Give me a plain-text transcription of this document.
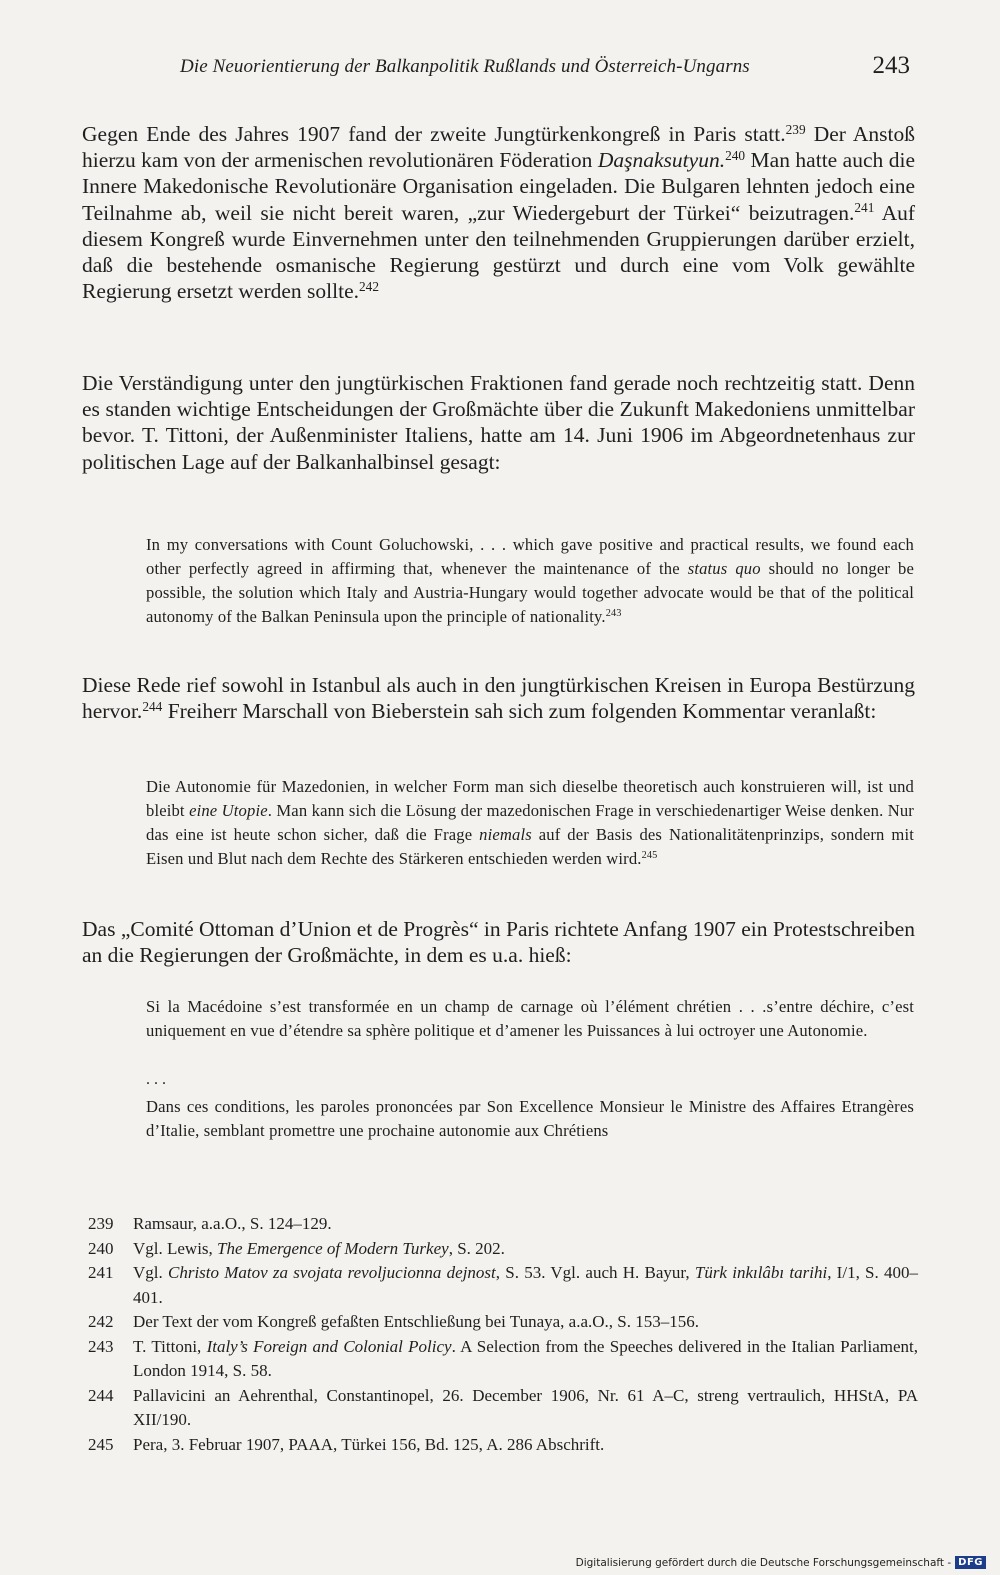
Die Neuorientierung der Balkanpolitik Rußlands und Österreich-Ungarns	243

Gegen Ende des Jahres 1907 fand der zweite Jungtürkenkongreß in Paris statt.$^{239}$ Der Anstoß hierzu kam von der armenischen revolutionären Föderation Daşnaksutyun.$^{240}$ Man hatte auch die Innere Makedonische Revolutionäre Organisation eingeladen. Die Bulgaren lehnten jedoch eine Teilnahme ab, weil sie nicht bereit waren, „zur Wiedergeburt der Türkei“ beizutragen.$^{241}$ Auf diesem Kongreß wurde Einvernehmen unter den teilnehmenden Gruppierungen darüber erzielt, daß die bestehende osmanische Regierung gestürzt und durch eine vom Volk gewählte Regierung ersetzt werden sollte.$^{242}$

Die Verständigung unter den jungtürkischen Fraktionen fand gerade noch rechtzeitig statt. Denn es standen wichtige Entscheidungen der Großmächte über die Zukunft Makedoniens unmittelbar bevor. T. Tittoni, der Außenminister Italiens, hatte am 14. Juni 1906 im Abgeordnetenhaus zur politischen Lage auf der Balkanhalbinsel gesagt:

In my conversations with Count Goluchowski, . . . which gave positive and practical results, we found each other perfectly agreed in affirming that, whenever the maintenance of the status quo should no longer be possible, the solution which Italy and Austria-Hungary would together advocate would be that of the political autonomy of the Balkan Peninsula upon the principle of nationality.$^{243}$

Diese Rede rief sowohl in Istanbul als auch in den jungtürkischen Kreisen in Europa Bestürzung hervor.$^{244}$ Freiherr Marschall von Bieberstein sah sich zum folgenden Kommentar veranlaßt:

Die Autonomie für Mazedonien, in welcher Form man sich dieselbe theoretisch auch konstruieren will, ist und bleibt eine Utopie. Man kann sich die Lösung der mazedonischen Frage in verschiedenartiger Weise denken. Nur das eine ist heute schon sicher, daß die Frage niemals auf der Basis des Nationalitätenprinzips, sondern mit Eisen und Blut nach dem Rechte des Stärkeren entschieden werden wird.$^{245}$

Das „Comité Ottoman d’Union et de Progrès“ in Paris richtete Anfang 1907 ein Protestschreiben an die Regierungen der Großmächte, in dem es u.a. hieß:

Si la Macédoine s’est transformée en un champ de carnage où l’élément chrétien . . .s’entre déchire, c’est uniquement en vue d’étendre sa sphère politique et d’amener les Puissances à lui octroyer une Autonomie.

. . .

Dans ces conditions, les paroles prononcées par Son Excellence Monsieur le Ministre des Affaires Etrangères d’Italie, semblant promettre une prochaine autonomie aux Chrétiens

239 Ramsaur, a.a.O., S. 124–129.
240 Vgl. Lewis, The Emergence of Modern Turkey, S. 202.
241 Vgl. Christo Matov za svojata revoljucionna dejnost, S. 53. Vgl. auch H. Bayur, Türk inkılâbı tarihi, I/1, S. 400–401.
242 Der Text der vom Kongreß gefaßten Entschließung bei Tunaya, a.a.O., S. 153–156.
243 T. Tittoni, Italy’s Foreign and Colonial Policy. A Selection from the Speeches delivered in the Italian Parliament, London 1914, S. 58.
244 Pallavicini an Aehrenthal, Constantinopel, 26. December 1906, Nr. 61 A–C, streng vertraulich, HHStA, PA XII/190.
245 Pera, 3. Februar 1907, PAAA, Türkei 156, Bd. 125, A. 286 Abschrift.
Digitalisierung gefördert durch die Deutsche Forschungsgemeinschaft - DFG
